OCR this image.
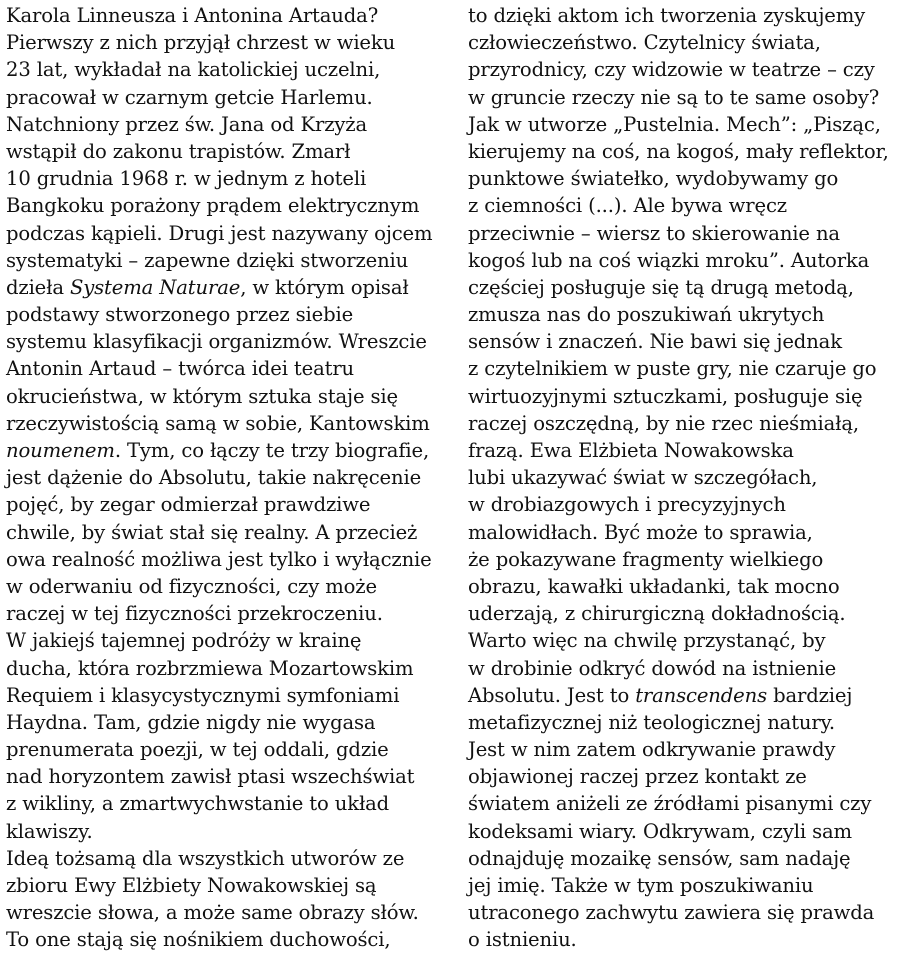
Karola Linneusza i Antonina Artauda?
Pierwszy z nich przyjął chrzest w wieku
23 lat, wykładał na katolickiej uczelni,
pracował w czarnym getcie Harlemu.
Natchniony przez św. Jana od Krzyża
wstąpił do zakonu trapistów. Zmarł
10 grudnia 1968 r. w jednym z hoteli
Bangkoku porażony prądem elektrycznym
podczas kąpieli. Drugi jest nazywany ojcem
systematyki – zapewne dzięki stworzeniu
dzieła Systema Naturae, w którym opisał
podstawy stworzonego przez siebie
systemu klasyfikacji organizmów. Wreszcie
Antonin Artaud – twórca idei teatru
okrucieństwa, w którym sztuka staje się
rzeczywistością samą w sobie, Kantowskim
noumenem. Tym, co łączy te trzy biografie,
jest dążenie do Absolutu, takie nakręcenie
pojęć, by zegar odmierzał prawdziwe
chwile, by świat stał się realny. A przecież
owa realność możliwa jest tylko i wyłącznie
w oderwaniu od fizyczności, czy może
raczej w tej fizyczności przekroczeniu.
W jakiejś tajemnej podróży w krainę
ducha, która rozbrzmiewa Mozartowskim
Requiem i klasycystycznymi symfoniami
Haydna. Tam, gdzie nigdy nie wygasa
prenumerata poezji, w tej oddali, gdzie
nad horyzontem zawisł ptasi wszechświat
z wikliny, a zmartwychwstanie to układ
klawiszy.
Ideą tożsamą dla wszystkich utworów ze
zbioru Ewy Elżbiety Nowakowskiej są
wreszcie słowa, a może same obrazy słów.
To one stają się nośnikiem duchowości,
to dzięki aktom ich tworzenia zyskujemy
człowieczeństwo. Czytelnicy świata,
przyrodnicy, czy widzowie w teatrze – czy
w gruncie rzeczy nie są to te same osoby?
Jak w utworze „Pustelnia. Mech”: „Pisząc,
kierujemy na coś, na kogoś, mały reflektor,
punktowe światełko, wydobywamy go
z ciemności (...). Ale bywa wręcz
przeciwnie – wiersz to skierowanie na
kogoś lub na coś wiązki mroku”. Autorka
częściej posługuje się tą drugą metodą,
zmusza nas do poszukiwań ukrytych
sensów i znaczeń. Nie bawi się jednak
z czytelnikiem w puste gry, nie czaruje go
wirtuozyjnymi sztuczkami, posługuje się
raczej oszczędną, by nie rzec nieśmiałą,
frazą. Ewa Elżbieta Nowakowska
lubi ukazywać świat w szczegółach,
w drobiazgowych i precyzyjnych
malowidłach. Być może to sprawia,
że pokazywane fragmenty wielkiego
obrazu, kawałki układanki, tak mocno
uderzają, z chirurgiczną dokładnością.
Warto więc na chwilę przystanąć, by
w drobinie odkryć dowód na istnienie
Absolutu. Jest to transcendens bardziej
metafizycznej niż teologicznej natury.
Jest w nim zatem odkrywanie prawdy
objawionej raczej przez kontakt ze
światem aniżeli ze źródłami pisanymi czy
kodeksami wiary. Odkrywam, czyli sam
odnajduję mozaikę sensów, sam nadaję
jej imię. Także w tym poszukiwaniu
utraconego zachwytu zawiera się prawda
o istnieniu.
